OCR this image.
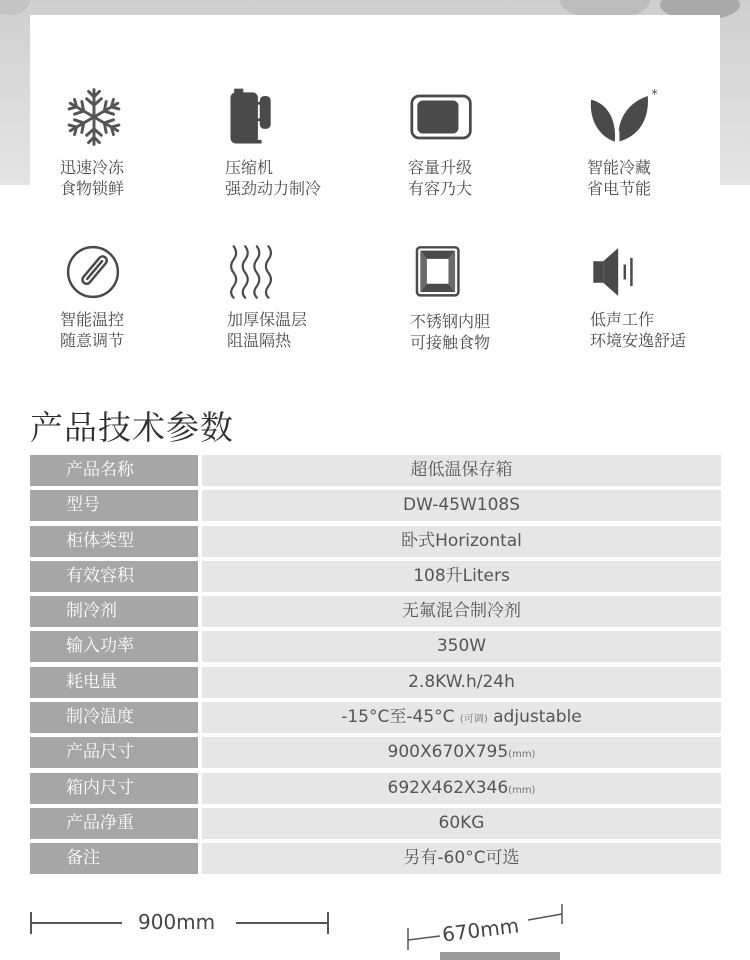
迅速冷冻
食物锁鲜
压缩机
强劲动力制冷
容量升级
有容乃大
*
智能冷藏
省电节能
智能温控
随意调节
加厚保温层
阻温隔热
不锈钢内胆
可接触食物
低声工作
环境安逸舒适
产品技术参数
产品名称	超低温保存箱
型号	DW-45W108S
柜体类型	卧式Horizontal
有效容积	108升Liters
制冷剂	无氟混合制冷剂
输入功率	350W
耗电量	2.8KW.h/24h
制冷温度	-15°C至-45°C (可调) adjustable
产品尺寸	900X670X795(mm)
箱内尺寸	692X462X346(mm)
产品净重	60KG
备注	另有-60°C可选
900mm	670mm
